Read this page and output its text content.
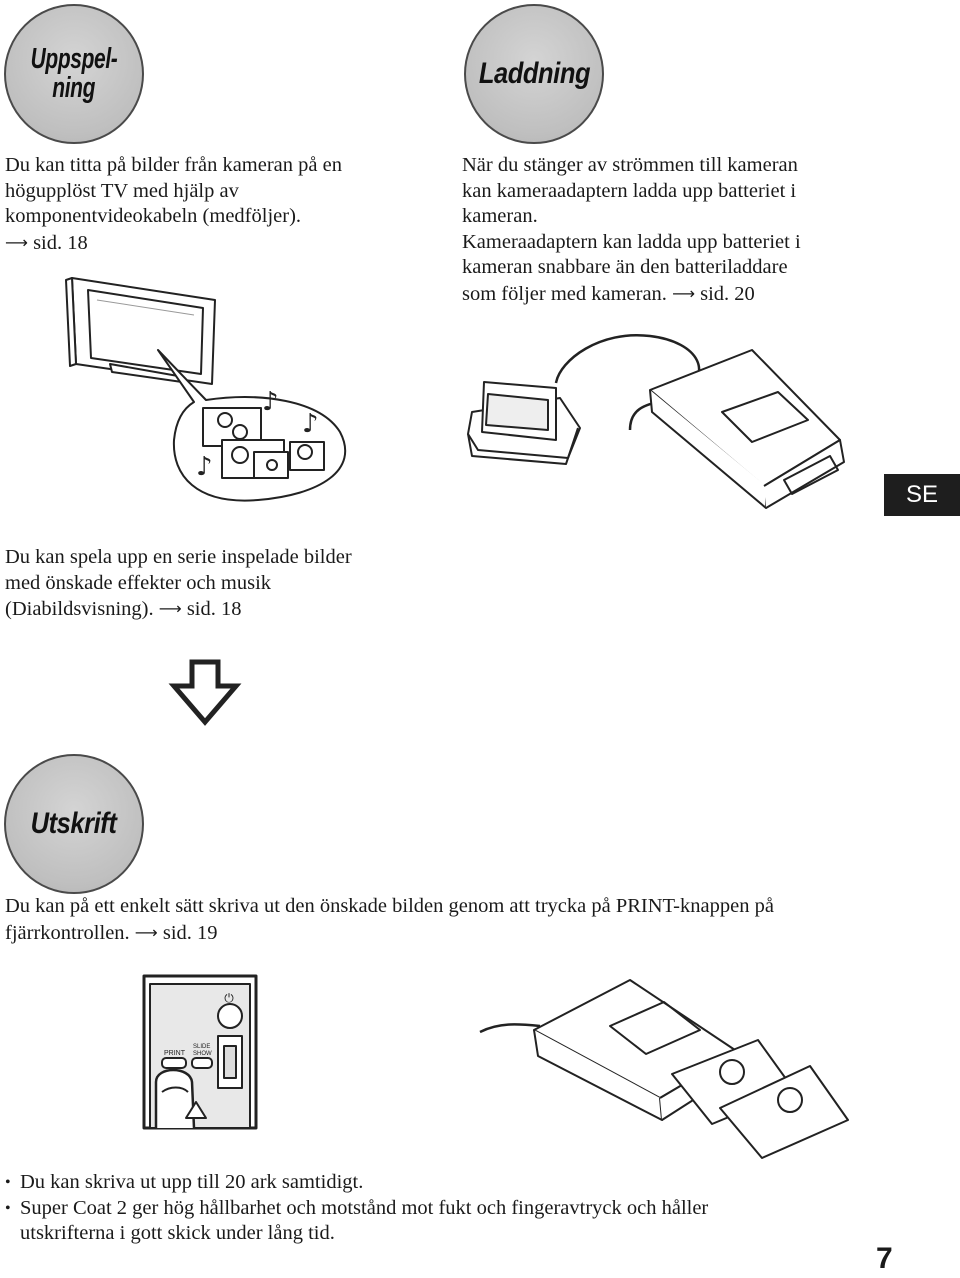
Uppspel-
ning	Laddning
Utskrift
Du kan titta på bilder från kameran på en
högupplöst TV med hjälp av
komponentvideokabeln (medföljer).
⟶ sid. 18
När du stänger av strömmen till kameran
kan kameraadaptern ladda upp batteriet i
kameran.
Kameraadaptern kan ladda upp batteriet i
kameran snabbare än den batteriladdare
som följer med kameran. ⟶ sid. 20
♪
♪
♪
⏻
PRINT
SLIDE
SHOW
SE
Du kan spela upp en serie inspelade bilder
med önskade effekter och musik
(Diabildsvisning). ⟶ sid. 18
Du kan på ett enkelt sätt skriva ut den önskade bilden genom att trycka på PRINT-knappen på
fjärrkontrollen. ⟶ sid. 19
• Du kan skriva ut upp till 20 ark samtidigt.
• Super Coat 2 ger hög hållbarhet och motstånd mot fukt och fingeravtryck och håller
utskrifterna i gott skick under lång tid.
7
